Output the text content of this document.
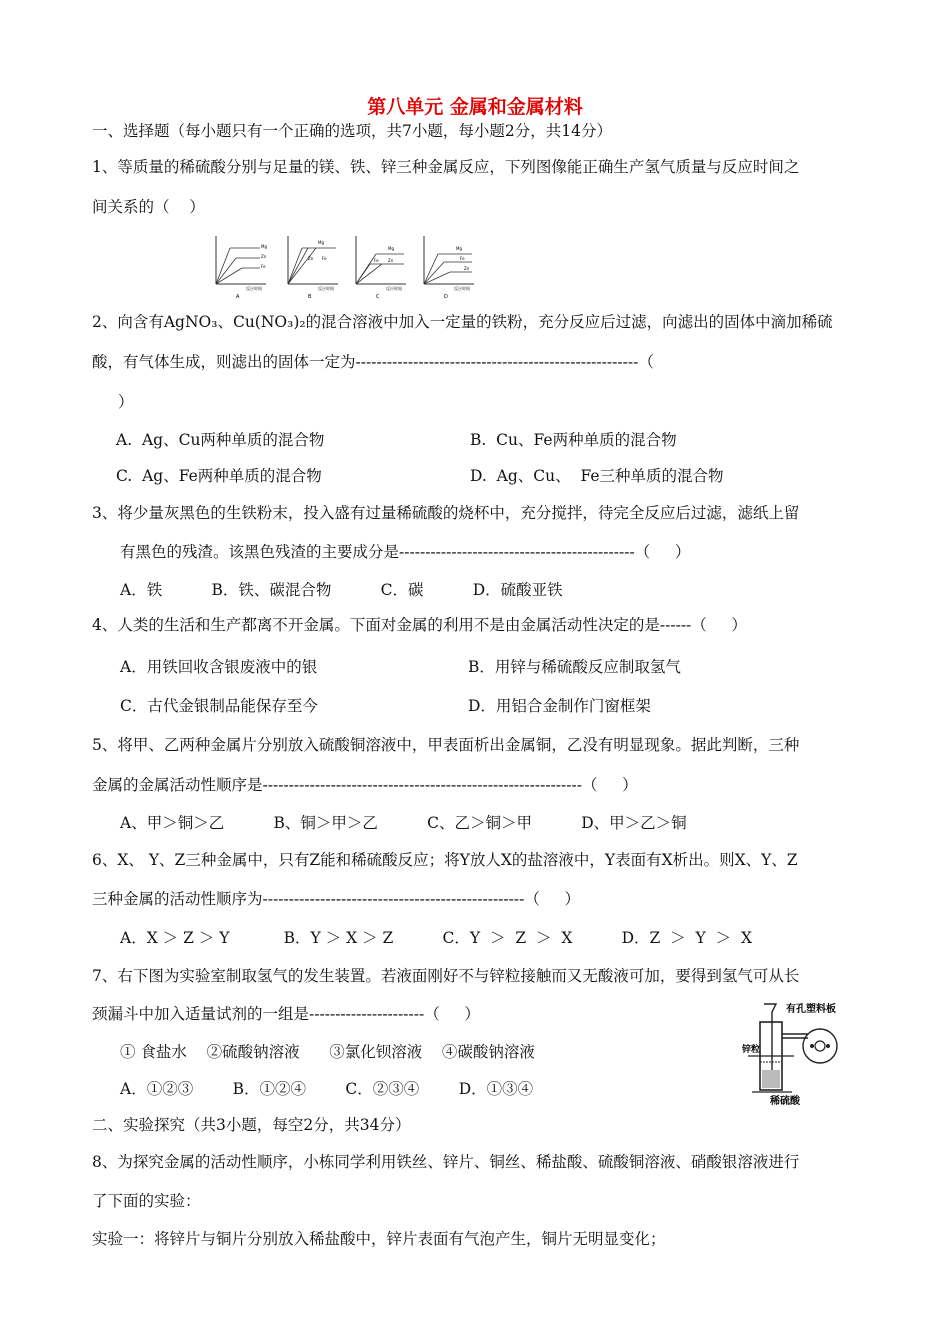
第八单元 金属和金属材料
一、选择题（每小题只有一个正确的选项，共7小题，每小题2分，共14分）
1、等质量的稀硫酸分别与足量的镁、铁、锌三种金属反应，下列图像能正确生产氢气质量与反应时间之
间关系的（    ）
Mg
Zn
Fe
反应时间
A
Mg
Zn Fe
反应时间
B
Mg
Fe Zn
反应时间
C
Mg
Fe
Zn
反应时间
D
2、向含有AgNO₃、Cu(NO₃)₂的混合溶液中加入一定量的铁粉，充分反应后过滤，向滤出的固体中滴加稀硫
酸，有气体生成，则滤出的固体一定为------------------------------------------------------（
）
A.  Ag、Cu两种单质的混合物	B.  Cu、Fe两种单质的混合物
C.  Ag、Fe两种单质的混合物	D.  Ag、Cu、  Fe三种单质的混合物
3、将少量灰黑色的生铁粉末，投入盛有过量稀硫酸的烧杯中，充分搅拌，待完全反应后过滤，滤纸上留
有黑色的残渣。该黑色残渣的主要成分是---------------------------------------------（     ）
A．铁          B．铁、碳混合物          C．碳          D．硫酸亚铁
4、人类的生活和生产都离不开金属。下面对金属的利用不是由金属活动性决定的是------（     ）
A．用铁回收含银废液中的银	B．用锌与稀硫酸反应制取氢气
C．古代金银制品能保存至今	D．用铝合金制作门窗框架
5、将甲、乙两种金属片分别放入硫酸铜溶液中，甲表面析出金属铜，乙没有明显现象。据此判断，三种
金属的金属活动性顺序是-------------------------------------------------------------（     ）
A、甲＞铜＞乙          B、铜＞甲＞乙          C、乙＞铜＞甲          D、甲＞乙＞铜
6、X、 Y、Z三种金属中，只有Z能和稀硫酸反应；将Y放人X的盐溶液中，Y表面有X析出。则X、Y、Z
三种金属的活动性顺序为--------------------------------------------------（     ）
A．X ＞ Z ＞ Y           B．Y ＞ X ＞ Z          C．Y  ＞  Z  ＞  X          D．Z  ＞  Y  ＞  X
7、右下图为实验室制取氢气的发生装置。若液面刚好不与锌粒接触而又无酸液可加，要得到氢气可从长
颈漏斗中加入适量试剂的一组是----------------------（     ）
① 食盐水    ②硫酸钠溶液      ③氯化钡溶液    ④碳酸钠溶液
A．①②③        B．①②④        C．②③④        D．①③④
有孔塑料板
锌粒
稀硫酸
二、实验探究（共3小题，每空2分，共34分）
8、为探究金属的活动性顺序，小栋同学利用铁丝、锌片、铜丝、稀盐酸、硫酸铜溶液、硝酸银溶液进行
了下面的实验：
实验一：将锌片与铜片分别放入稀盐酸中，锌片表面有气泡产生，铜片无明显变化；
